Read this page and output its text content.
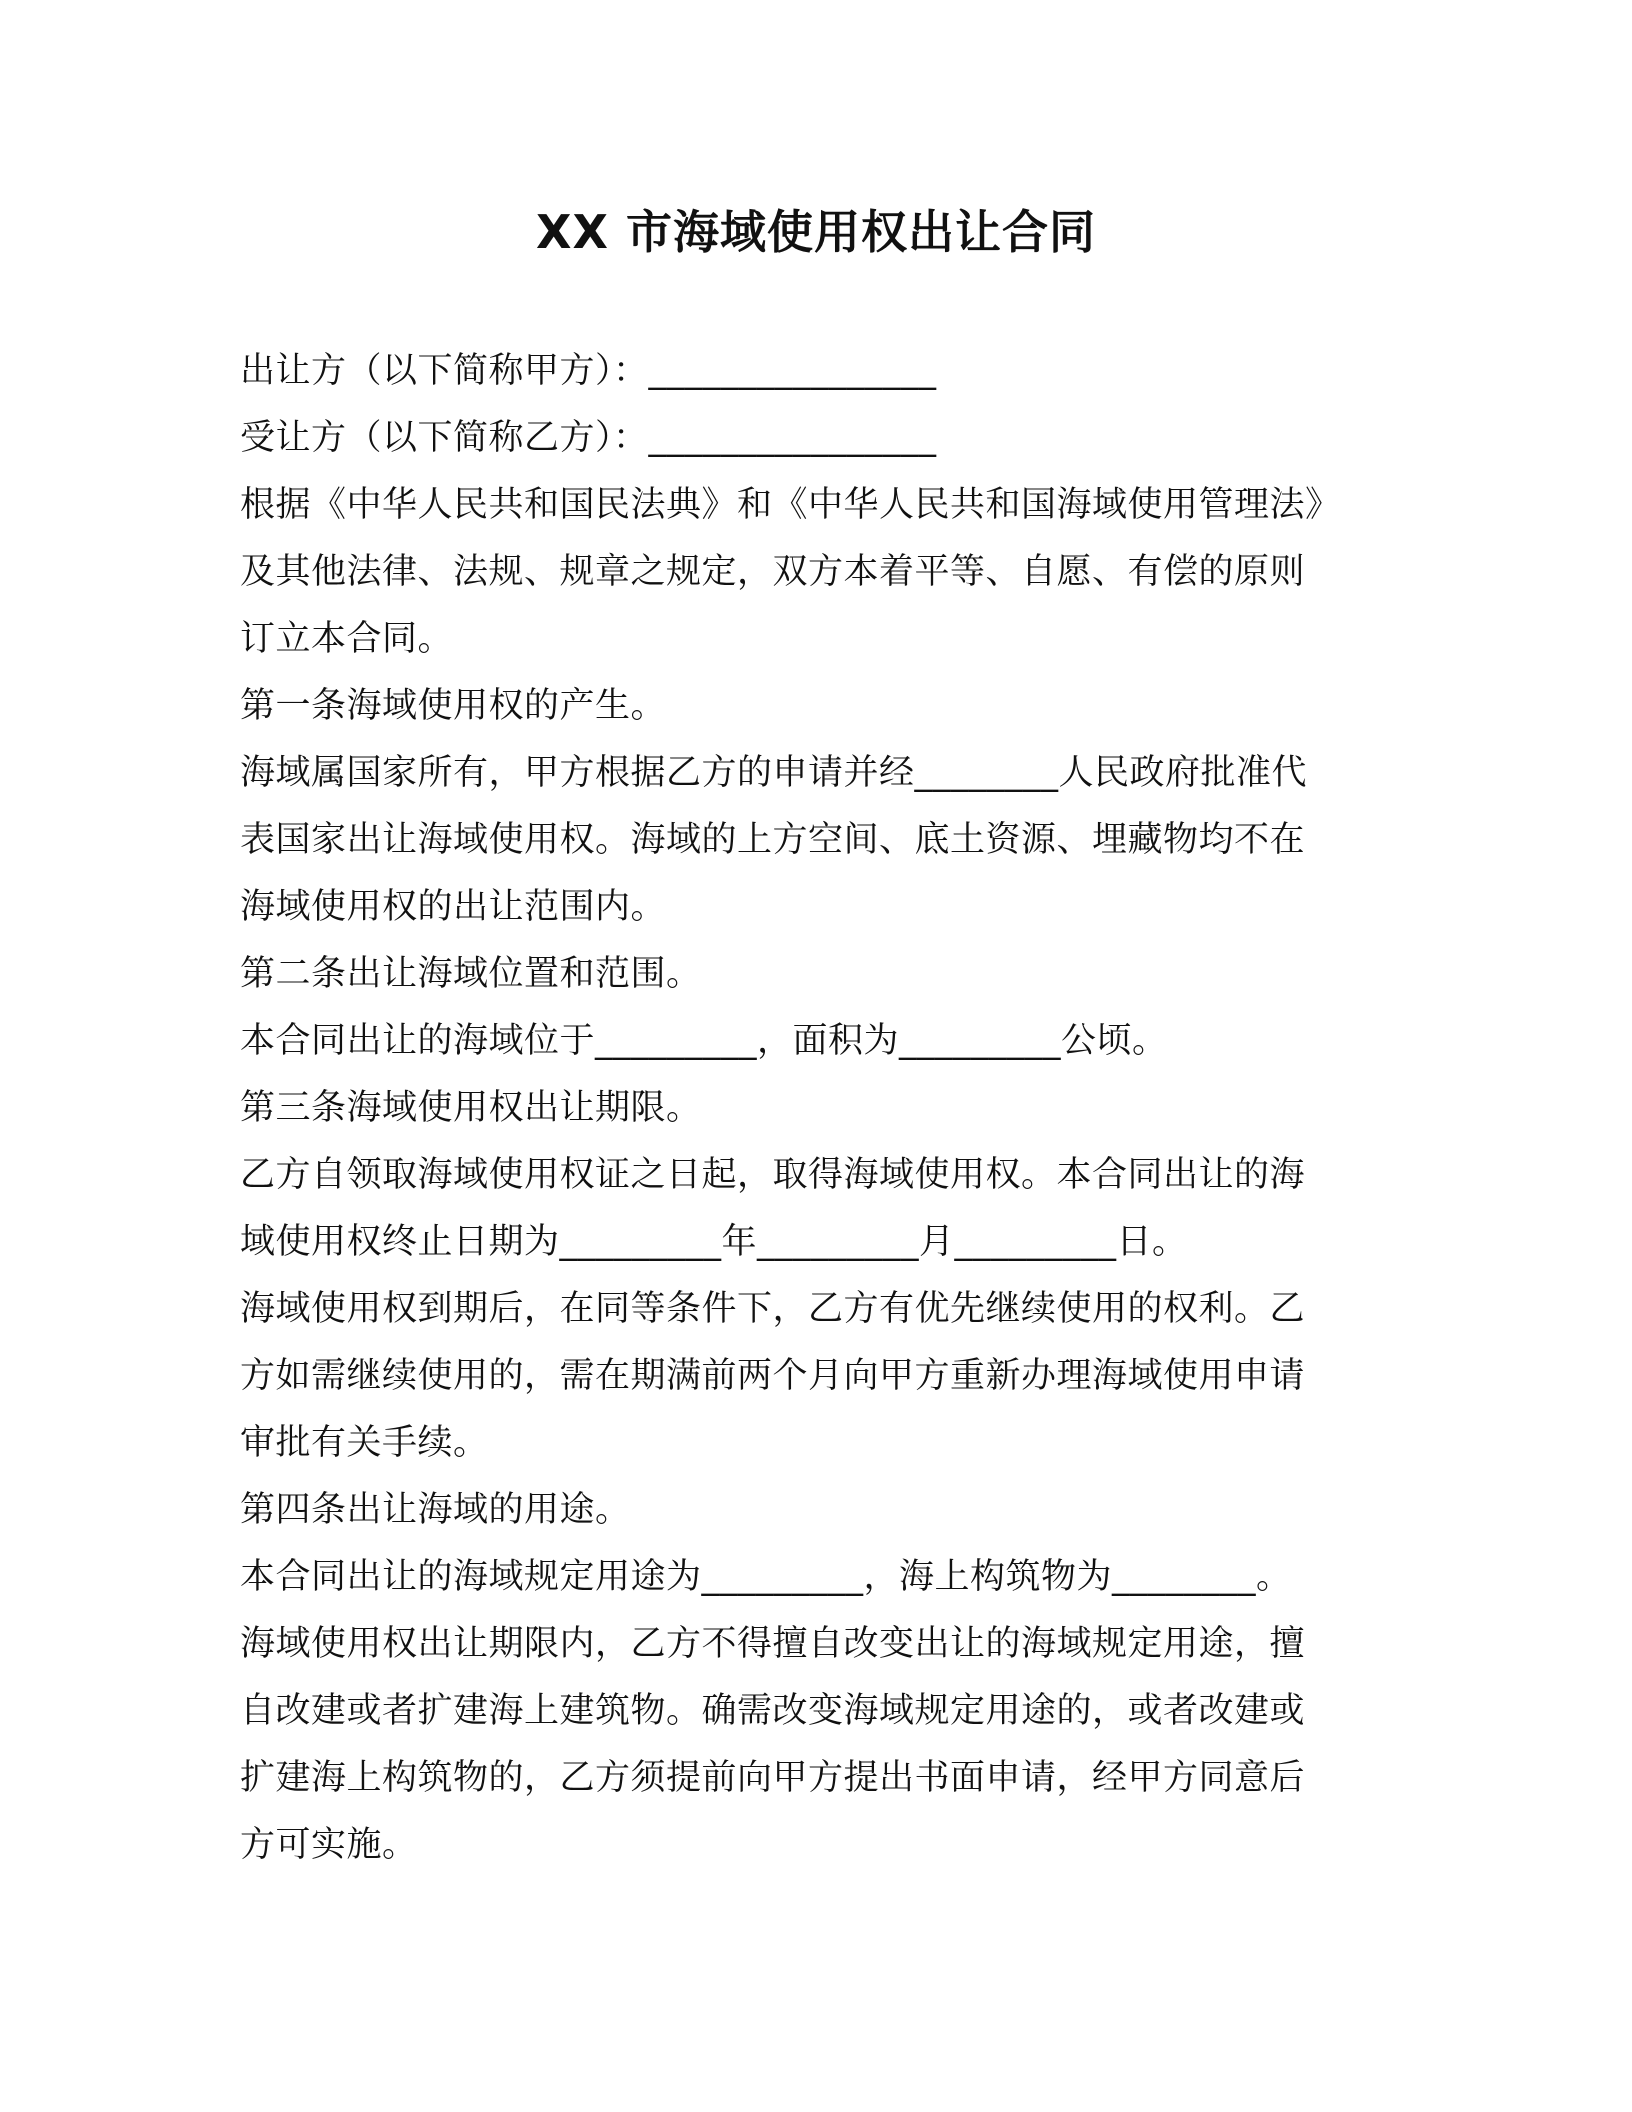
XX 市海域使用权出让合同
出让方（以下简称甲方）：________________
受让方（以下简称乙方）：________________
根据《中华人民共和国民法典》和《中华人民共和国海域使用管理法》
及其他法律、法规、规章之规定，双方本着平等、自愿、有偿的原则
订立本合同。
第一条海域使用权的产生。
海域属国家所有，甲方根据乙方的申请并经________人民政府批准代
表国家出让海域使用权。海域的上方空间、底土资源、埋藏物均不在
海域使用权的出让范围内。
第二条出让海域位置和范围。
本合同出让的海域位于_________，面积为_________公顷。
第三条海域使用权出让期限。
乙方自领取海域使用权证之日起，取得海域使用权。本合同出让的海
域使用权终止日期为_________年_________月_________日。
海域使用权到期后，在同等条件下，乙方有优先继续使用的权利。乙
方如需继续使用的，需在期满前两个月向甲方重新办理海域使用申请
审批有关手续。
第四条出让海域的用途。
本合同出让的海域规定用途为_________，海上构筑物为________。
海域使用权出让期限内，乙方不得擅自改变出让的海域规定用途，擅
自改建或者扩建海上建筑物。确需改变海域规定用途的，或者改建或
扩建海上构筑物的，乙方须提前向甲方提出书面申请，经甲方同意后
方可实施。
